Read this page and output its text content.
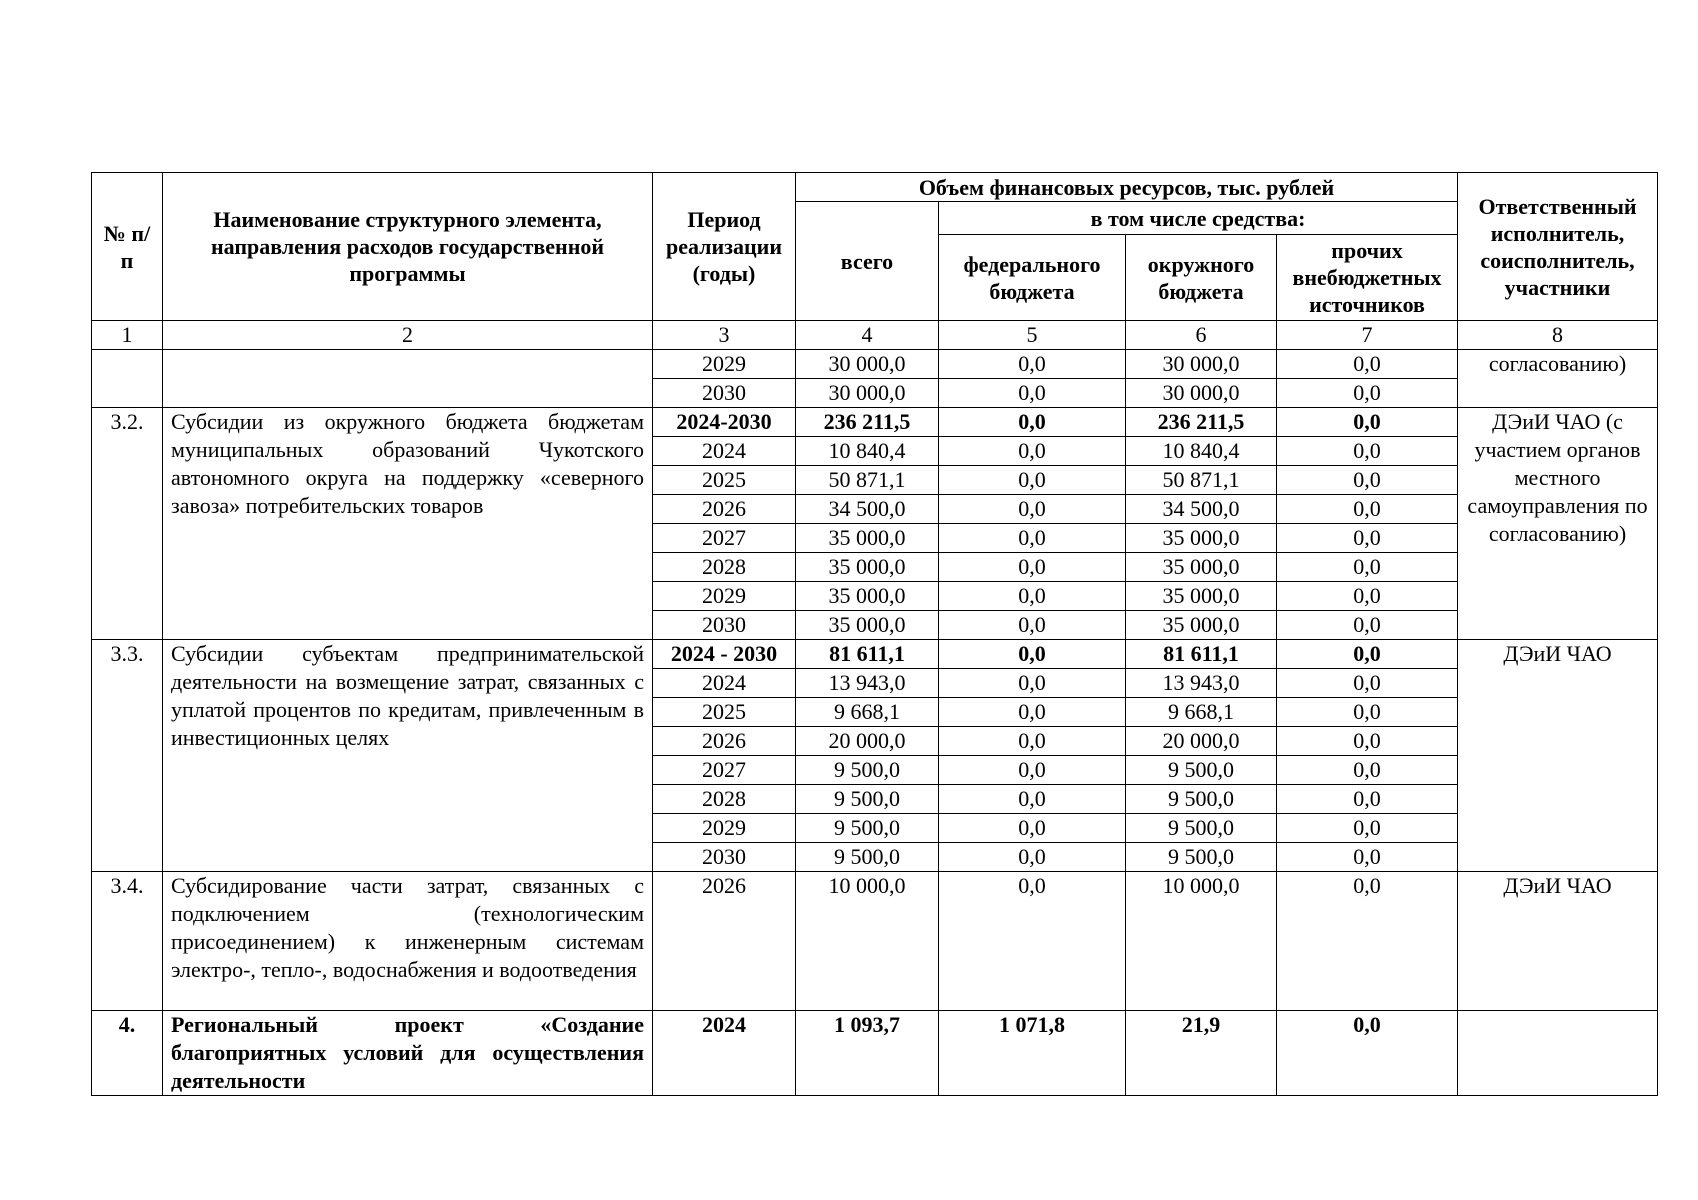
№ п/п	Наименование структурного элемента, направления расходов государственной программы	Период реализации (годы)	Объем финансовых ресурсов, тыс. рублей				Ответственный исполнитель, соисполнитель, участники
			всего	в том числе средства:			
				федерального бюджета	окружного бюджета	прочих внебюджетных источников	
1	2	3	4	5	6	7	8
		2029	30 000,0	0,0	30 000,0	0,0	согласованию)
		2030	30 000,0	0,0	30 000,0	0,0	
3.2.	Субсидии из окружного бюджета бюджетам муниципальных образований Чукотского автономного округа на поддержку «северного завоза» потребительских товаров	2024-2030	236 211,5	0,0	236 211,5	0,0	ДЭиИ ЧАО (с участием органов местного самоуправления по согласованию)
		2024	10 840,4	0,0	10 840,4	0,0	
		2025	50 871,1	0,0	50 871,1	0,0	
		2026	34 500,0	0,0	34 500,0	0,0	
		2027	35 000,0	0,0	35 000,0	0,0	
		2028	35 000,0	0,0	35 000,0	0,0	
		2029	35 000,0	0,0	35 000,0	0,0	
		2030	35 000,0	0,0	35 000,0	0,0	
3.3.	Субсидии субъектам предпринимательской деятельности на возмещение затрат, связанных с уплатой процентов по кредитам, привлеченным в инвестиционных целях	2024 - 2030	81 611,1	0,0	81 611,1	0,0	ДЭиИ ЧАО
		2024	13 943,0	0,0	13 943,0	0,0	
		2025	9 668,1	0,0	9 668,1	0,0	
		2026	20 000,0	0,0	20 000,0	0,0	
		2027	9 500,0	0,0	9 500,0	0,0	
		2028	9 500,0	0,0	9 500,0	0,0	
		2029	9 500,0	0,0	9 500,0	0,0	
		2030	9 500,0	0,0	9 500,0	0,0	
3.4.	Субсидирование части затрат, связанных с подключением (технологическим присоединением) к инженерным системам электро-, тепло-, водоснабжения и водоотведения	2026	10 000,0	0,0	10 000,0	0,0	ДЭиИ ЧАО
4.	Региональный проект «Создание благоприятных условий для осуществления деятельности	2024	1 093,7	1 071,8	21,9	0,0	
